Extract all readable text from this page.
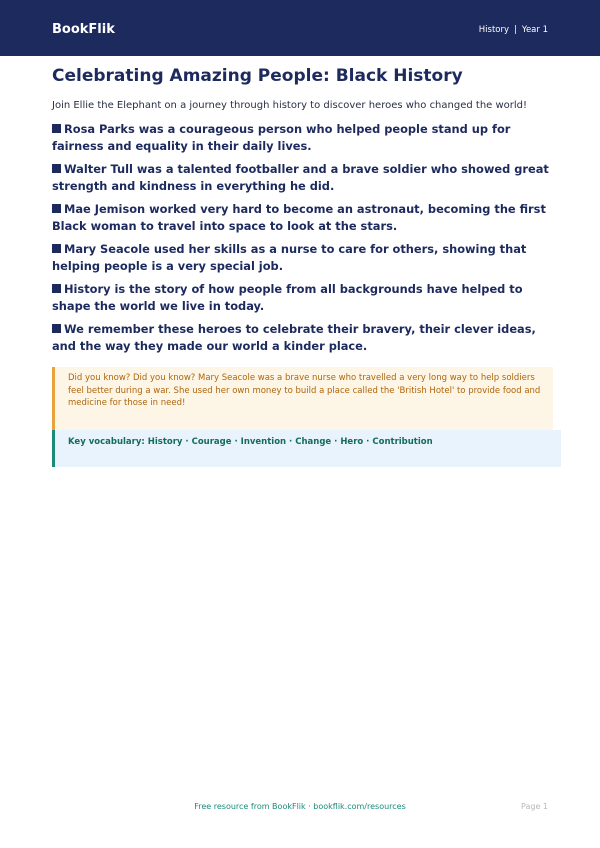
BookFlik	History | Year 1
Celebrating Amazing People: Black History

Join Ellie the Elephant on a journey through history to discover heroes who changed the world!

Rosa Parks was a courageous person who helped people stand up for fairness and equality in their daily lives.

Walter Tull was a talented footballer and a brave soldier who showed great strength and kindness in everything he did.

Mae Jemison worked very hard to become an astronaut, becoming the first Black woman to travel into space to look at the stars.

Mary Seacole used her skills as a nurse to care for others, showing that helping people is a very special job.

History is the story of how people from all backgrounds have helped to shape the world we live in today.

We remember these heroes to celebrate their bravery, their clever ideas, and the way they made our world a kinder place.

Did you know? Did you know? Mary Seacole was a brave nurse who travelled a very long way to help soldiers feel better during a war. She used her own money to build a place called the 'British Hotel' to provide food and medicine for those in need!
Key vocabulary: History · Courage · Invention · Change · Hero · Contribution
Free resource from BookFlik · bookflik.com/resources	Page 1
